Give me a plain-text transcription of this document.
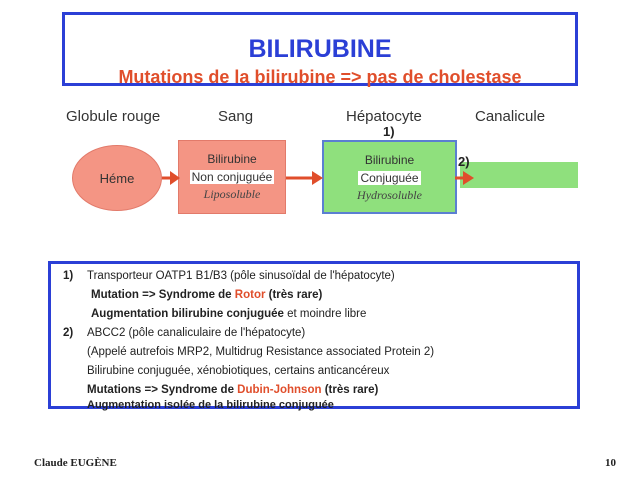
BILIRUBINE
Mutations de la bilirubine => pas de cholestase
Globule rouge	Sang	Hépatocyte	Canalicule
Héme
Bilirubine
Non conjuguée
Liposoluble
Bilirubine
Conjuguée
Hydrosoluble
1)
2)
1) Transporteur OATP1 B1/B3 (pôle sinusoïdal de l'hépatocyte)
Mutation => Syndrome de Rotor (très rare)
Augmentation bilirubine conjuguée et moindre libre
2) ABCC2 (pôle canaliculaire de l'hépatocyte)
(Appelé autrefois MRP2, Multidrug Resistance associated Protein 2)
Bilirubine conjuguée, xénobiotiques, certains anticancéreux
Mutations => Syndrome de Dubin-Johnson (très rare)
Augmentation isolée de la bilirubine conjuguée
Claude EUGÈNE	10
